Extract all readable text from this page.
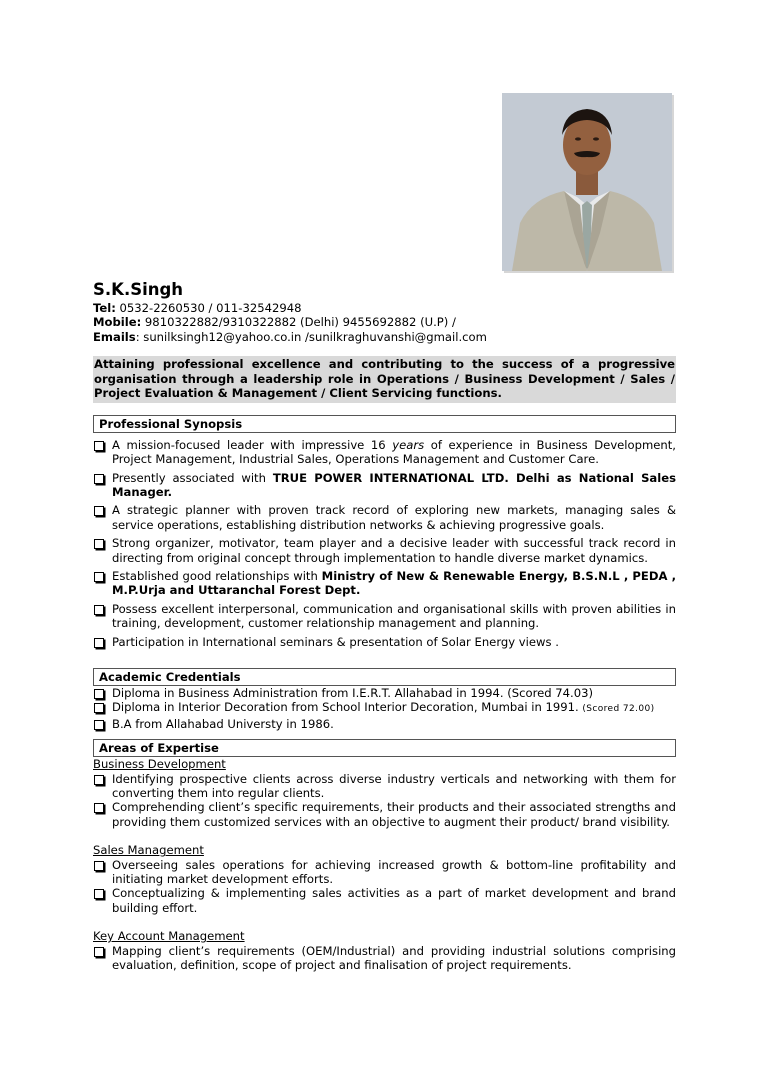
S.K.Singh
Tel: 0532-2260530 / 011-32542948
Mobile: 9810322882/9310322882 (Delhi) 9455692882 (U.P) /
Emails: sunilksingh12@yahoo.co.in /sunilkraghuvanshi@gmail.com
Attaining professional excellence and contributing to the success of a progressive organisation through a leadership role in Operations / Business Development / Sales / Project Evaluation & Management / Client Servicing functions.
Professional Synopsis
A mission-focused leader with impressive 16 years of experience in Business Development, Project Management, Industrial Sales, Operations Management and Customer Care.
Presently associated with TRUE POWER INTERNATIONAL LTD. Delhi as National Sales Manager.
A strategic planner with proven track record of exploring new markets, managing sales & service operations, establishing distribution networks & achieving progressive goals.
Strong organizer, motivator, team player and a decisive leader with successful track record in directing from original concept through implementation to handle diverse market dynamics.
Established good relationships with Ministry of New & Renewable Energy, B.S.N.L , PEDA , M.P.Urja and Uttaranchal Forest Dept.
Possess excellent interpersonal, communication and organisational skills with proven abilities in training, development, customer relationship management and planning.
Participation in International seminars & presentation of Solar Energy views .
Academic Credentials
Diploma in Business Administration from I.E.R.T. Allahabad in 1994. (Scored 74.03)
Diploma in Interior Decoration from School Interior Decoration, Mumbai in 1991. (Scored 72.00)
B.A from Allahabad Universty in 1986.
Areas of Expertise
Business Development
Identifying prospective clients across diverse industry verticals and networking with them for converting them into regular clients.
Comprehending client’s specific requirements, their products and their associated strengths and providing them customized services with an objective to augment their product/ brand visibility.
Sales Management
Overseeing sales operations for achieving increased growth & bottom-line profitability and initiating market development efforts.
Conceptualizing & implementing sales activities as a part of market development and brand building effort.
Key Account Management
Mapping client’s requirements (OEM/Industrial) and providing industrial solutions comprising evaluation, definition, scope of project and finalisation of project requirements.
